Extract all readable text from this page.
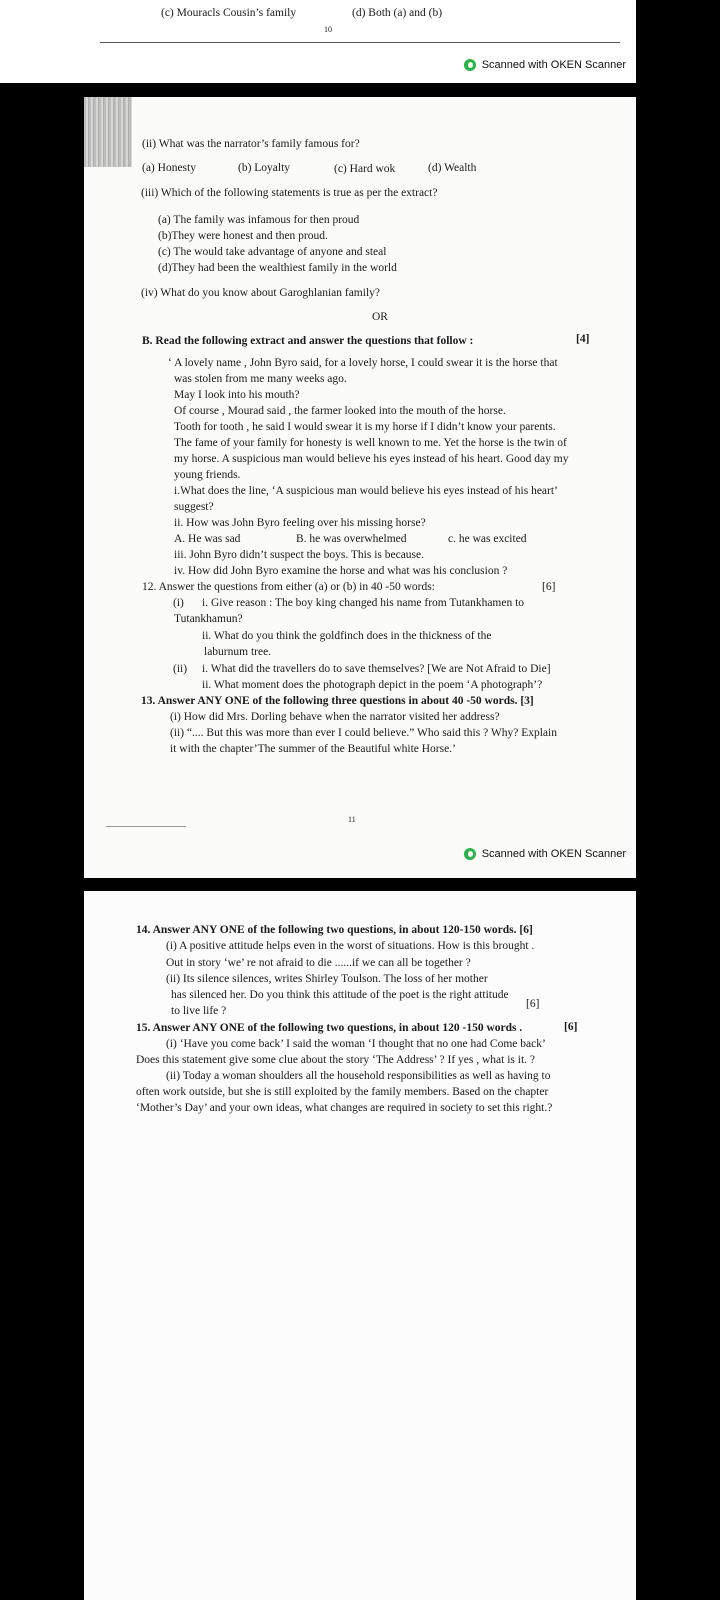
(c) Mouracls Cousin’s family	(d) Both (a) and (b)
10
Scanned with OKEN Scanner
(ii) What was the narrator’s family famous for?
(a) Honesty	(b) Loyalty	(c) Hard wok	(d) Wealth
(iii) Which of the following statements is true as per the extract?
(a) The family was infamous for then proud
(b)They were honest and then proud.
(c) The would take advantage of anyone and steal
(d)They had been the wealthiest family in the world
(iv) What do you know about Garoghlanian family?
OR
B. Read the following extract and answer the questions that follow :	[4]
‘ A lovely name , John Byro said, for a lovely horse, I could swear it is the horse that
was stolen from me many weeks ago.
May I look into his mouth?
Of course , Mourad said , the farmer looked into the mouth of the horse.
Tooth for tooth , he said I would swear it is my horse if I didn’t know your parents.
The fame of your family for honesty is well known to me. Yet the horse is the twin of
my horse. A suspicious man would believe his eyes instead of his heart. Good day my
young friends.
i.What does the line, ‘A suspicious man would believe his eyes instead of his heart’
suggest?
ii. How was John Byro feeling over his missing horse?
A. He was sad	B. he was overwhelmed	c. he was excited
iii. John Byro didn’t suspect the boys. This is because.
iv. How did John Byro examine the horse and what was his conclusion ?
12. Answer the questions from either (a) or (b) in 40 -50 words:	[6]
(i) i. Give reason : The boy king changed his name from Tutankhamen to
Tutankhamun?
ii. What do you think the goldfinch does in the thickness of the
laburnum tree.
(ii) i. What did the travellers do to save themselves? [We are Not Afraid to Die]
ii. What moment does the photograph depict in the poem ‘A photograph’?
13. Answer ANY ONE of the following three questions in about 40 -50 words. [3]
(i) How did Mrs. Dorling behave when the narrator visited her address?
(ii) “.... But this was more than ever I could believe.” Who said this ? Why? Explain
it with the chapter’The summer of the Beautiful white Horse.’
11
Scanned with OKEN Scanner
14. Answer ANY ONE of the following two questions, in about 120-150 words. [6]
(i) A positive attitude helps even in the worst of situations. How is this brought .
Out in story ‘we’ re not afraid to die ......if we can all be together ?
(ii) Its silence silences, writes Shirley Toulson. The loss of her mother
has silenced her. Do you think this attitude of the poet is the right attitude
to live life ?
[6]
15. Answer ANY ONE of the following two questions, in about 120 -150 words .	[6]
(i) ‘Have you come back’ I said the woman ‘I thought that no one had Come back’
Does this statement give some clue about the story ‘The Address’ ? If yes , what is it. ?
(ii) Today a woman shoulders all the household responsibilities as well as having to
often work outside, but she is still exploited by the family members. Based on the chapter
‘Mother’s Day’ and your own ideas, what changes are required in society to set this right.?
